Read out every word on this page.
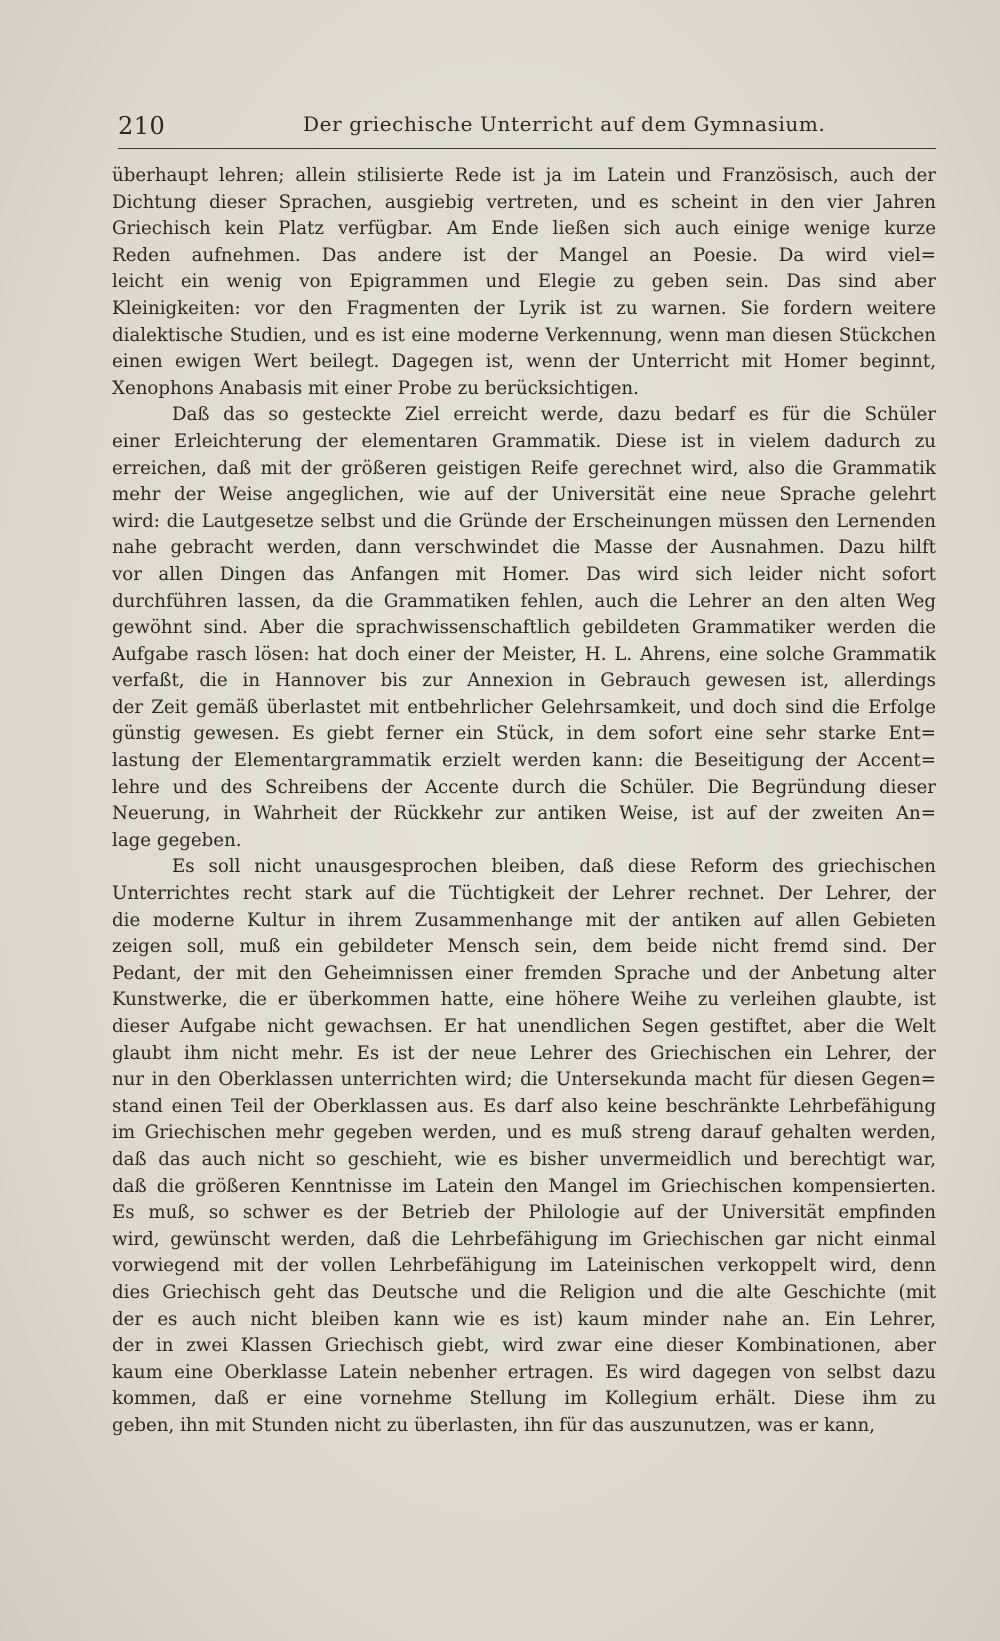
210	Der griechische Unterricht auf dem Gymnasium.
überhaupt lehren; allein stilisierte Rede ist ja im Latein und Französisch, auch der
Dichtung dieser Sprachen, ausgiebig vertreten, und es scheint in den vier Jahren
Griechisch kein Platz verfügbar. Am Ende ließen sich auch einige wenige kurze
Reden aufnehmen. Das andere ist der Mangel an Poesie. Da wird viel=
leicht ein wenig von Epigrammen und Elegie zu geben sein. Das sind aber
Kleinigkeiten: vor den Fragmenten der Lyrik ist zu warnen. Sie fordern weitere
dialektische Studien, und es ist eine moderne Verkennung, wenn man diesen Stückchen
einen ewigen Wert beilegt. Dagegen ist, wenn der Unterricht mit Homer beginnt,
Xenophons Anabasis mit einer Probe zu berücksichtigen.
Daß das so gesteckte Ziel erreicht werde, dazu bedarf es für die Schüler
einer Erleichterung der elementaren Grammatik. Diese ist in vielem dadurch zu
erreichen, daß mit der größeren geistigen Reife gerechnet wird, also die Grammatik
mehr der Weise angeglichen, wie auf der Universität eine neue Sprache gelehrt
wird: die Lautgesetze selbst und die Gründe der Erscheinungen müssen den Lernenden
nahe gebracht werden, dann verschwindet die Masse der Ausnahmen. Dazu hilft
vor allen Dingen das Anfangen mit Homer. Das wird sich leider nicht sofort
durchführen lassen, da die Grammatiken fehlen, auch die Lehrer an den alten Weg
gewöhnt sind. Aber die sprachwissenschaftlich gebildeten Grammatiker werden die
Aufgabe rasch lösen: hat doch einer der Meister, H. L. Ahrens, eine solche Grammatik
verfaßt, die in Hannover bis zur Annexion in Gebrauch gewesen ist, allerdings
der Zeit gemäß überlastet mit entbehrlicher Gelehrsamkeit, und doch sind die Erfolge
günstig gewesen. Es giebt ferner ein Stück, in dem sofort eine sehr starke Ent=
lastung der Elementargrammatik erzielt werden kann: die Beseitigung der Accent=
lehre und des Schreibens der Accente durch die Schüler. Die Begründung dieser
Neuerung, in Wahrheit der Rückkehr zur antiken Weise, ist auf der zweiten An=
lage gegeben.
Es soll nicht unausgesprochen bleiben, daß diese Reform des griechischen
Unterrichtes recht stark auf die Tüchtigkeit der Lehrer rechnet. Der Lehrer, der
die moderne Kultur in ihrem Zusammenhange mit der antiken auf allen Gebieten
zeigen soll, muß ein gebildeter Mensch sein, dem beide nicht fremd sind. Der
Pedant, der mit den Geheimnissen einer fremden Sprache und der Anbetung alter
Kunstwerke, die er überkommen hatte, eine höhere Weihe zu verleihen glaubte, ist
dieser Aufgabe nicht gewachsen. Er hat unendlichen Segen gestiftet, aber die Welt
glaubt ihm nicht mehr. Es ist der neue Lehrer des Griechischen ein Lehrer, der
nur in den Oberklassen unterrichten wird; die Untersekunda macht für diesen Gegen=
stand einen Teil der Oberklassen aus. Es darf also keine beschränkte Lehrbefähigung
im Griechischen mehr gegeben werden, und es muß streng darauf gehalten werden,
daß das auch nicht so geschieht, wie es bisher unvermeidlich und berechtigt war,
daß die größeren Kenntnisse im Latein den Mangel im Griechischen kompensierten.
Es muß, so schwer es der Betrieb der Philologie auf der Universität empfinden
wird, gewünscht werden, daß die Lehrbefähigung im Griechischen gar nicht einmal
vorwiegend mit der vollen Lehrbefähigung im Lateinischen verkoppelt wird, denn
dies Griechisch geht das Deutsche und die Religion und die alte Geschichte (mit
der es auch nicht bleiben kann wie es ist) kaum minder nahe an. Ein Lehrer,
der in zwei Klassen Griechisch giebt, wird zwar eine dieser Kombinationen, aber
kaum eine Oberklasse Latein nebenher ertragen. Es wird dagegen von selbst dazu
kommen, daß er eine vornehme Stellung im Kollegium erhält. Diese ihm zu
geben, ihn mit Stunden nicht zu überlasten, ihn für das auszunutzen, was er kann,
